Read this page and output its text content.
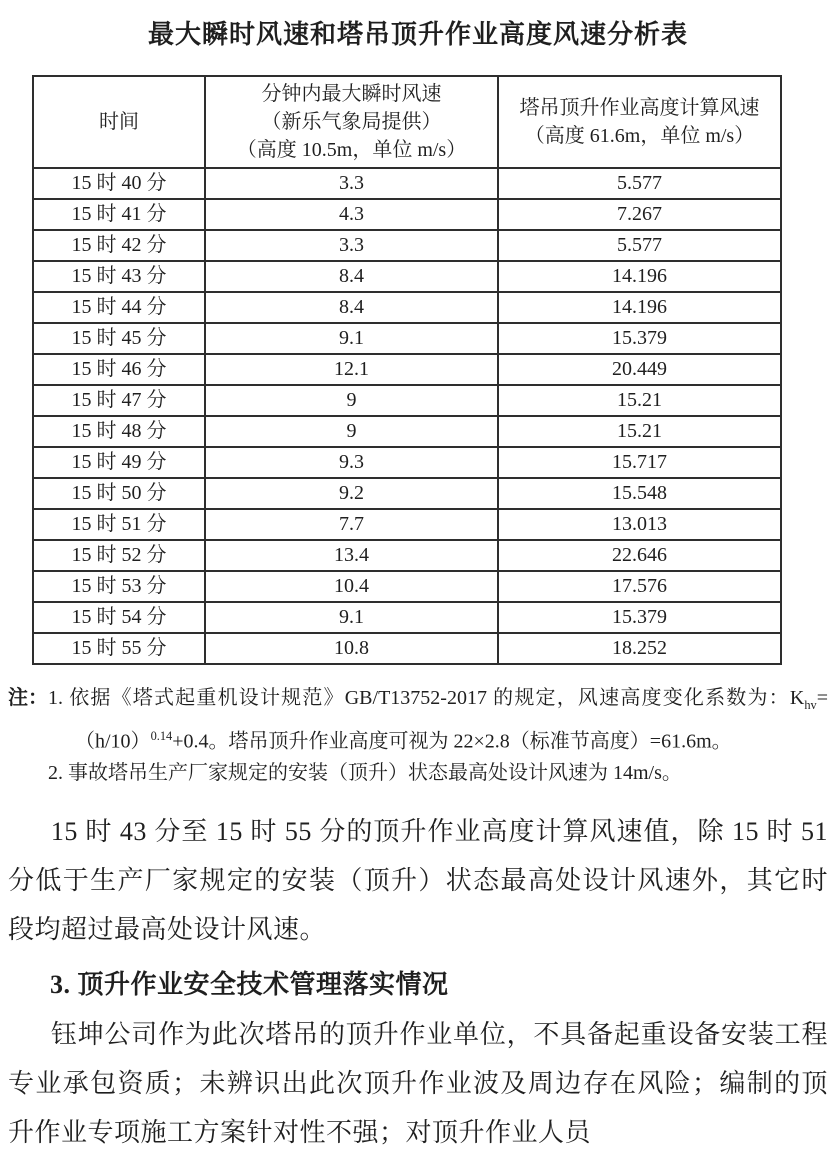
最大瞬时风速和塔吊顶升作业高度风速分析表
时间	分钟内最大瞬时风速
（新乐气象局提供）
（高度 10.5m，单位 m/s）	塔吊顶升作业高度计算风速
（高度 61.6m，单位 m/s）

15 时 40 分	3.3	5.577
15 时 41 分	4.3	7.267
15 时 42 分	3.3	5.577
15 时 43 分	8.4	14.196
15 时 44 分	8.4	14.196
15 时 45 分	9.1	15.379
15 时 46 分	12.1	20.449
15 时 47 分	9	15.21
15 时 48 分	9	15.21
15 时 49 分	9.3	15.717
15 时 50 分	9.2	15.548
15 时 51 分	7.7	13.013
15 时 52 分	13.4	22.646
15 时 53 分	10.4	17.576
15 时 54 分	9.1	15.379
15 时 55 分	10.8	18.252
注： 1. 依据《塔式起重机设计规范》GB/T13752-2017 的规定，风速高度变化系数为：$K_{hv}=(h/10)^{0.14}+0.4$。塔吊顶升作业高度可视为 22×2.8（标准节高度）=61.6m。
2. 事故塔吊生产厂家规定的安装（顶升）状态最高处设计风速为 14m/s。

15 时 43 分至 15 时 55 分的顶升作业高度计算风速值，除 15 时 51 分低于生产厂家规定的安装（顶升）状态最高处设计风速外，其它时段均超过最高处设计风速。

3. 顶升作业安全技术管理落实情况

钰坤公司作为此次塔吊的顶升作业单位，不具备起重设备安装工程专业承包资质；未辨识出此次顶升作业波及周边存在风险；编制的顶升作业专项施工方案针对性不强；对顶升作业人员
